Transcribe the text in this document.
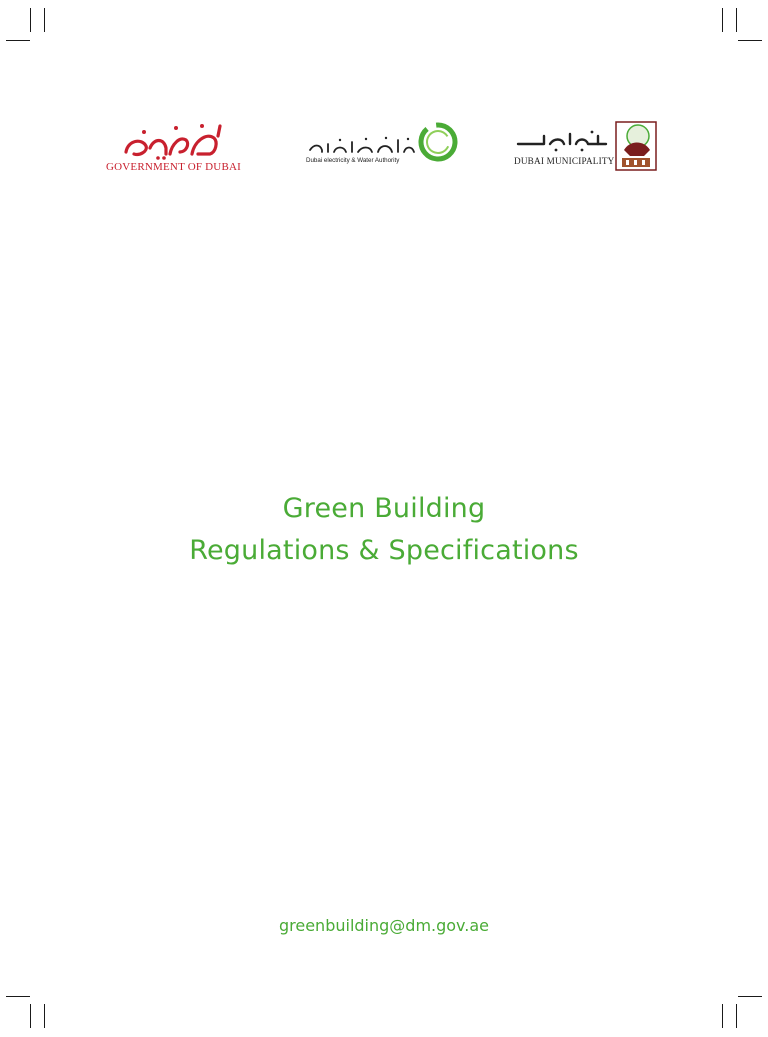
GOVERNMENT OF DUBAI
Dubai electricity & Water Authority	DUBAI MUNICIPALITY
Green Building
Regulations & Specifications
greenbuilding@dm.gov.ae
